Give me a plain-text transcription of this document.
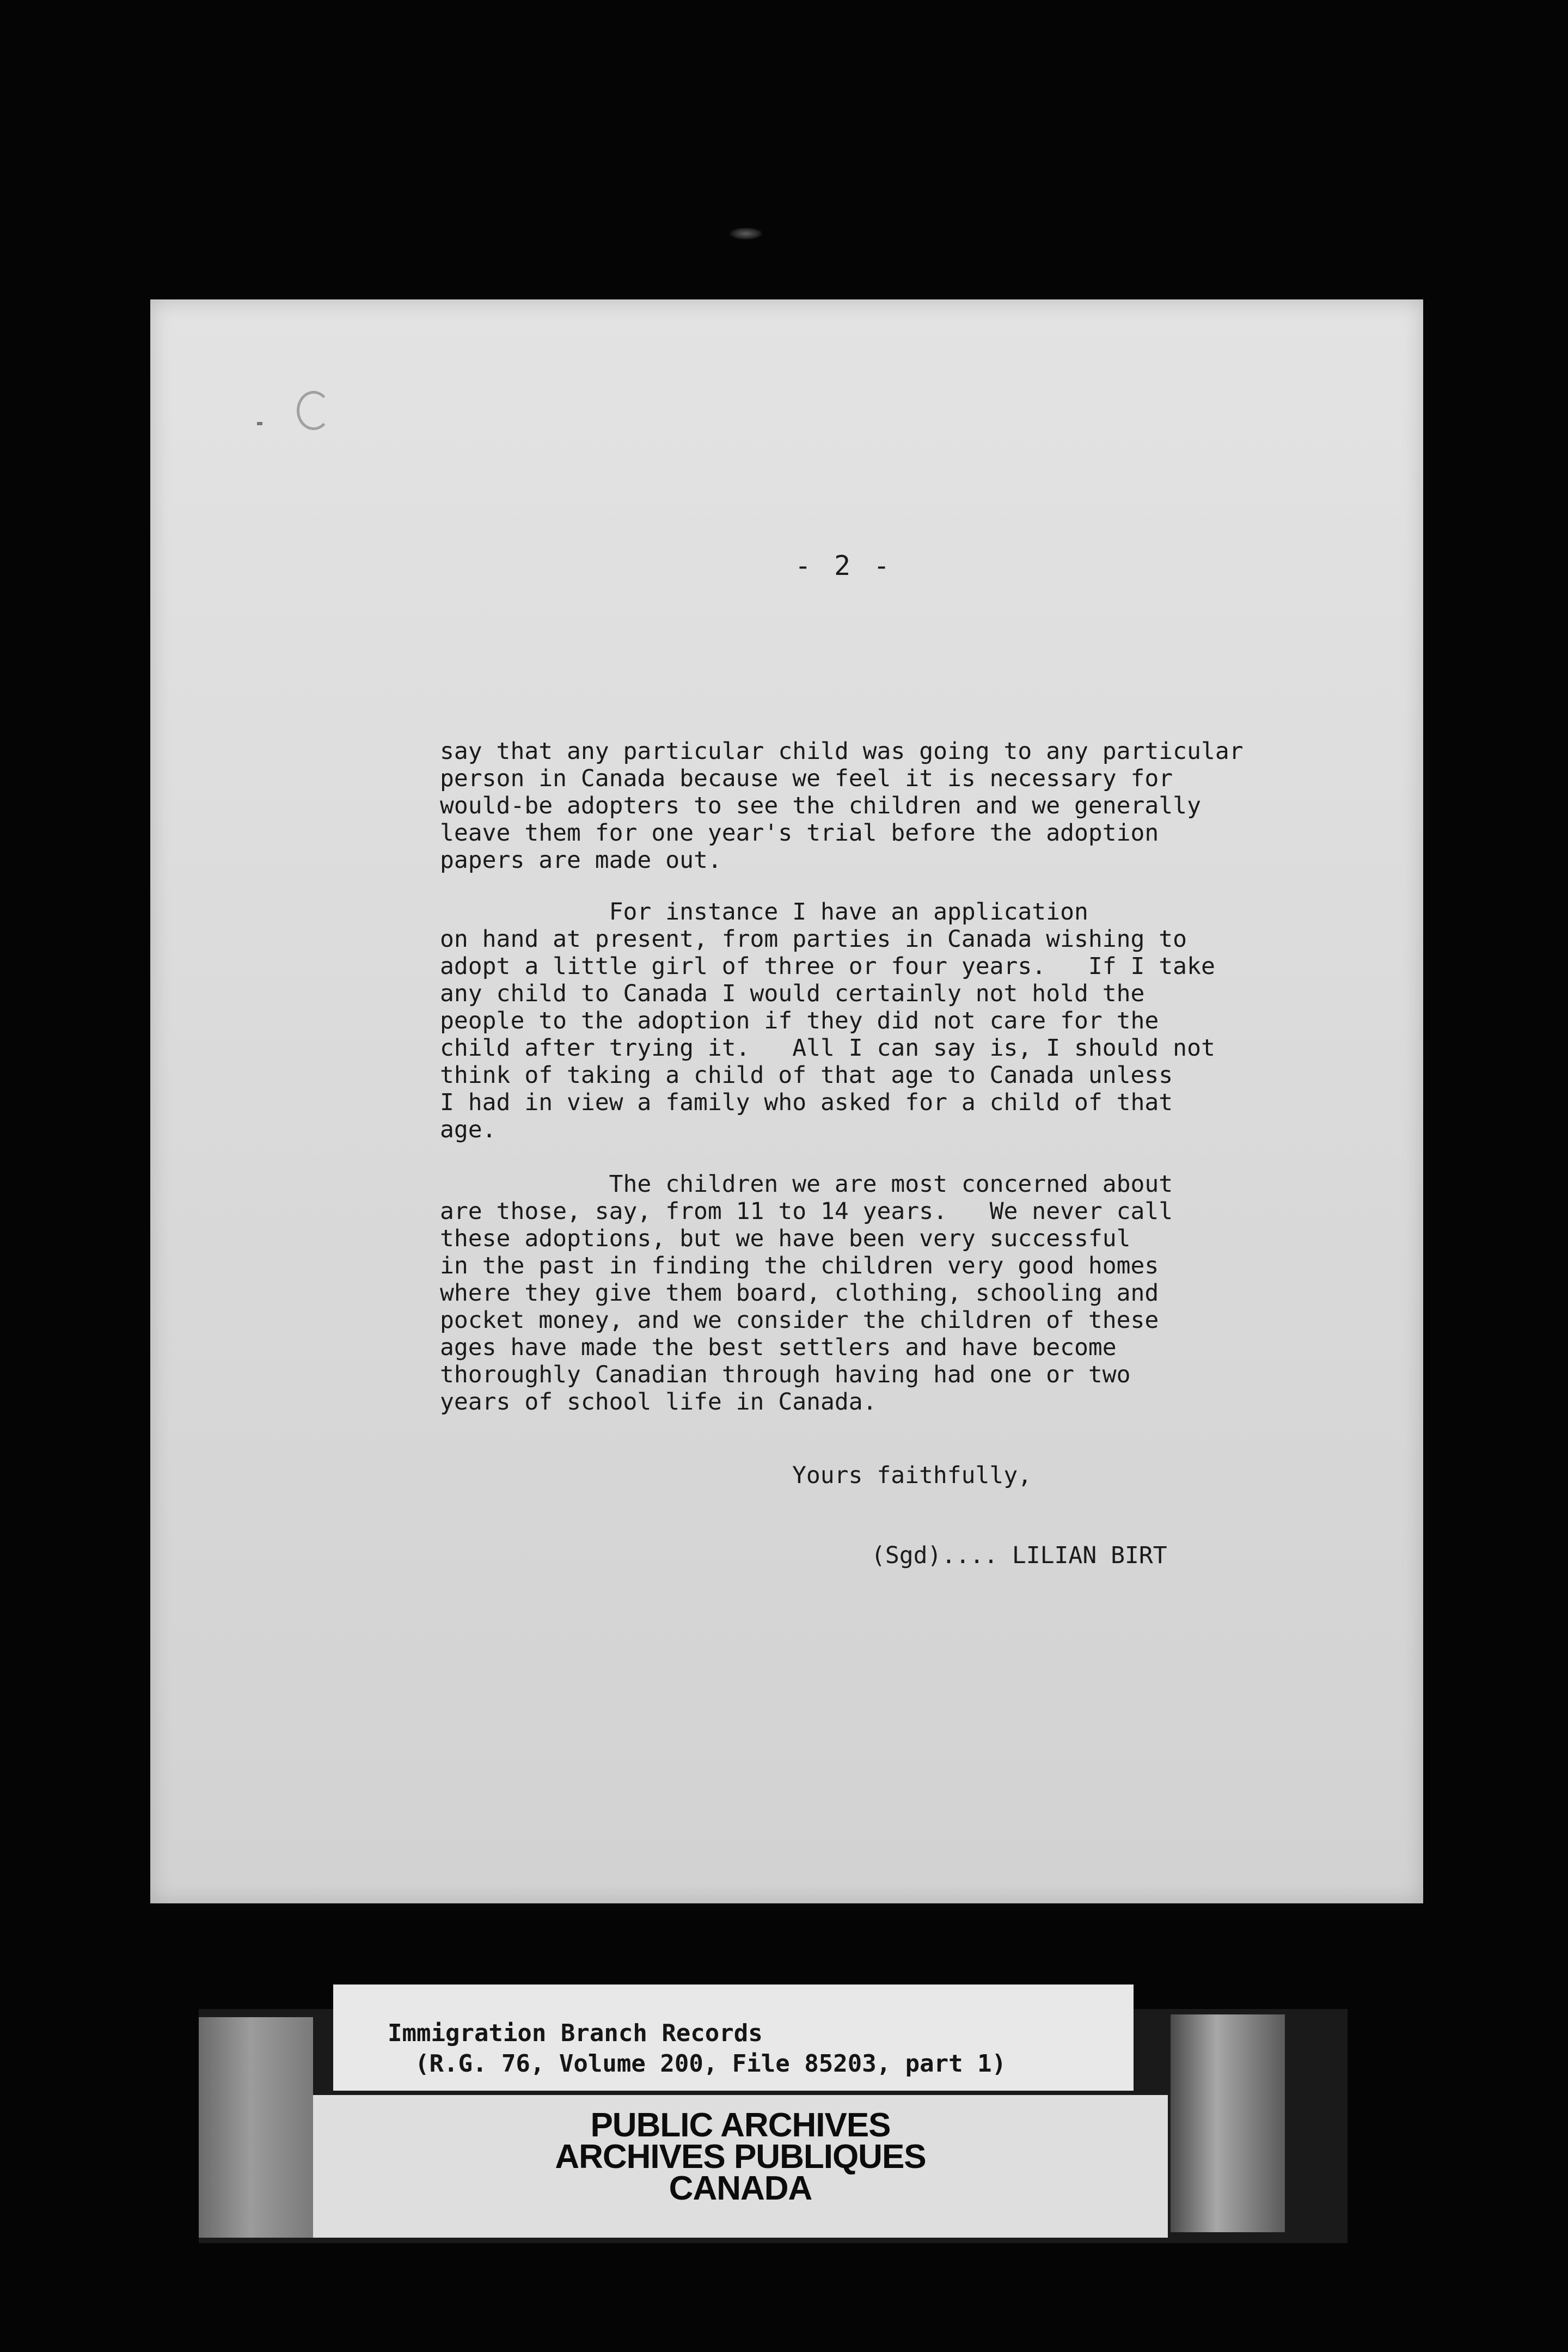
- 2 -
say that any particular child was going to any particular
person in Canada because we feel it is necessary for
would-be adopters to see the children and we generally
leave them for one year's trial before the adoption
papers are made out.
For instance I have an application
on hand at present, from parties in Canada wishing to
adopt a little girl of three or four years.   If I take
any child to Canada I would certainly not hold the
people to the adoption if they did not care for the
child after trying it.   All I can say is, I should not
think of taking a child of that age to Canada unless
I had in view a family who asked for a child of that
age.
The children we are most concerned about
are those, say, from 11 to 14 years.   We never call
these adoptions, but we have been very successful
in the past in finding the children very good homes
where they give them board, clothing, schooling and
pocket money, and we consider the children of these
ages have made the best settlers and have become
thoroughly Canadian through having had one or two
years of school life in Canada.
Yours faithfully,
(Sgd).... LILIAN BIRT
Immigration Branch Records
(R.G. 76, Volume 200, File 85203, part 1)
PUBLIC ARCHIVES
ARCHIVES PUBLIQUES
CANADA
